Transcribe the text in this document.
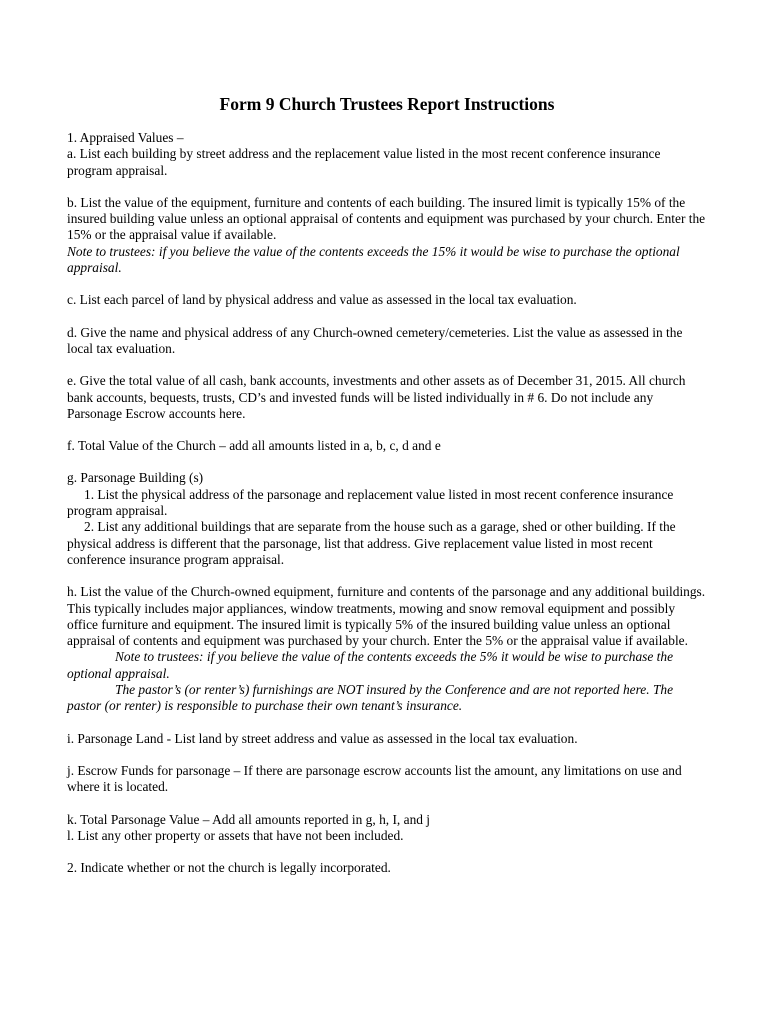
Form 9 Church Trustees Report Instructions

1. Appraised Values –
a. List each building by street address and the replacement value listed in the most recent conference insurance program appraisal.

b. List the value of the equipment, furniture and contents of each building. The insured limit is typically 15% of the insured building value unless an optional appraisal of contents and equipment was purchased by your church. Enter the 15% or the appraisal value if available.
Note to trustees: if you believe the value of the contents exceeds the 15% it would be wise to purchase the optional appraisal.

c. List each parcel of land by physical address and value as assessed in the local tax evaluation.

d. Give the name and physical address of any Church-owned cemetery/cemeteries. List the value as assessed in the local tax evaluation.

e. Give the total value of all cash, bank accounts, investments and other assets as of December 31, 2015. All church bank accounts, bequests, trusts, CD’s and invested funds will be listed individually in # 6. Do not include any Parsonage Escrow accounts here.

f. Total Value of the Church – add all amounts listed in a, b, c, d and e

g. Parsonage Building (s)
1. List the physical address of the parsonage and replacement value listed in most recent conference insurance program appraisal.
2. List any additional buildings that are separate from the house such as a garage, shed or other building. If the physical address is different that the parsonage, list that address. Give replacement value listed in most recent conference insurance program appraisal.

h. List the value of the Church-owned equipment, furniture and contents of the parsonage and any additional buildings. This typically includes major appliances, window treatments, mowing and snow removal equipment and possibly office furniture and equipment. The insured limit is typically 5% of the insured building value unless an optional appraisal of contents and equipment was purchased by your church. Enter the 5% or the appraisal value if available.
Note to trustees: if you believe the value of the contents exceeds the 5% it would be wise to purchase the optional appraisal.
The pastor’s (or renter’s) furnishings are NOT insured by the Conference and are not reported here. The pastor (or renter) is responsible to purchase their own tenant’s insurance.

i. Parsonage Land - List land by street address and value as assessed in the local tax evaluation.

j. Escrow Funds for parsonage – If there are parsonage escrow accounts list the amount, any limitations on use and where it is located.

k. Total Parsonage Value – Add all amounts reported in g, h, I, and j
l. List any other property or assets that have not been included.

2. Indicate whether or not the church is legally incorporated.
